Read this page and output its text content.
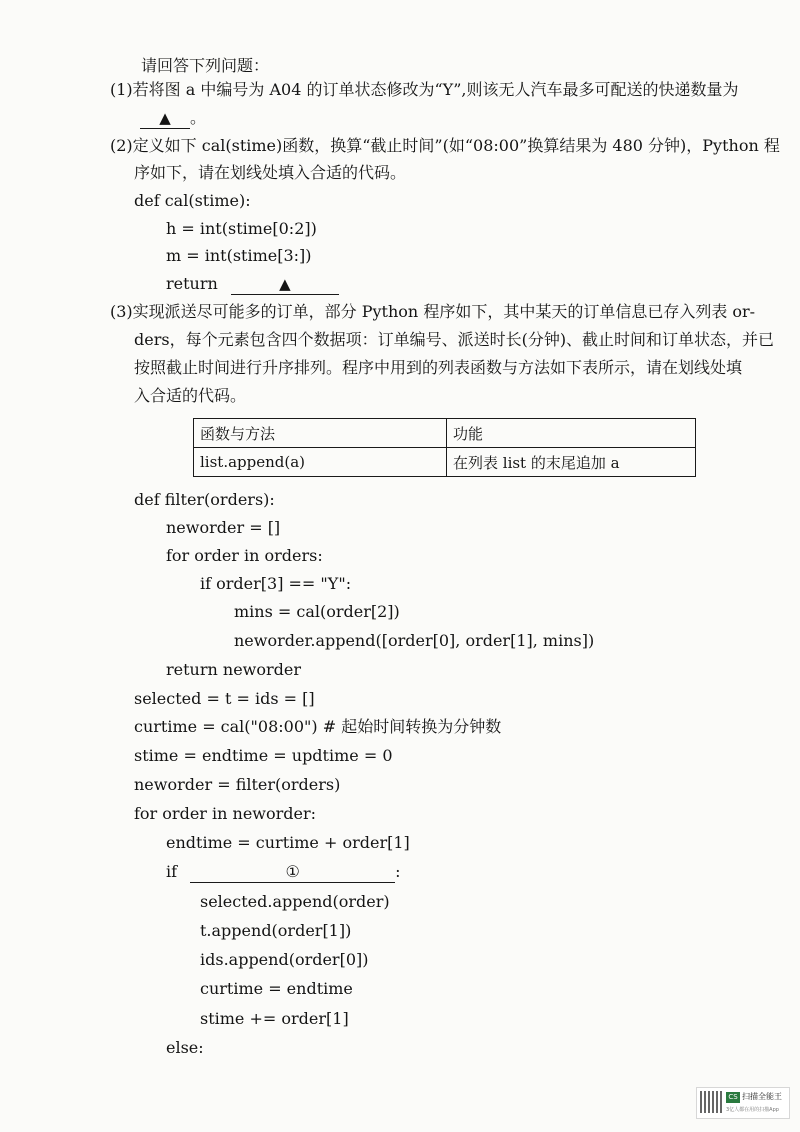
请回答下列问题：
(1)若将图 a 中编号为 A04 的订单状态修改为“Y”,则该无人汽车最多可配送的快递数量为
▲ 。
(2)定义如下 cal(stime)函数，换算“截止时间”(如“08:00”换算结果为 480 分钟)，Python 程
序如下，请在划线处填入合适的代码。
def cal(stime):
h = int(stime[0:2])
m = int(stime[3:])
return	▲
(3)实现派送尽可能多的订单，部分 Python 程序如下，其中某天的订单信息已存入列表 or-
ders，每个元素包含四个数据项：订单编号、派送时长(分钟)、截止时间和订单状态，并已
按照截止时间进行升序排列。程序中用到的列表函数与方法如下表所示，请在划线处填
入合适的代码。
函数与方法	功能
list.append(a)	在列表 list 的末尾追加 a
def filter(orders):
neworder = []
for order in orders:
if order[3] == "Y":
mins = cal(order[2])
neworder.append([order[0], order[1], mins])
return neworder
selected = t = ids = []
curtime = cal("08:00") # 起始时间转换为分钟数
stime = endtime = updtime = 0
neworder = filter(orders)
for order in neworder:
endtime = curtime + order[1]
if	①	:
selected.append(order)
t.append(order[1])
ids.append(order[0])
curtime = endtime
stime += order[1]
else:
CS 扫描全能王
3亿人都在用的扫描App
